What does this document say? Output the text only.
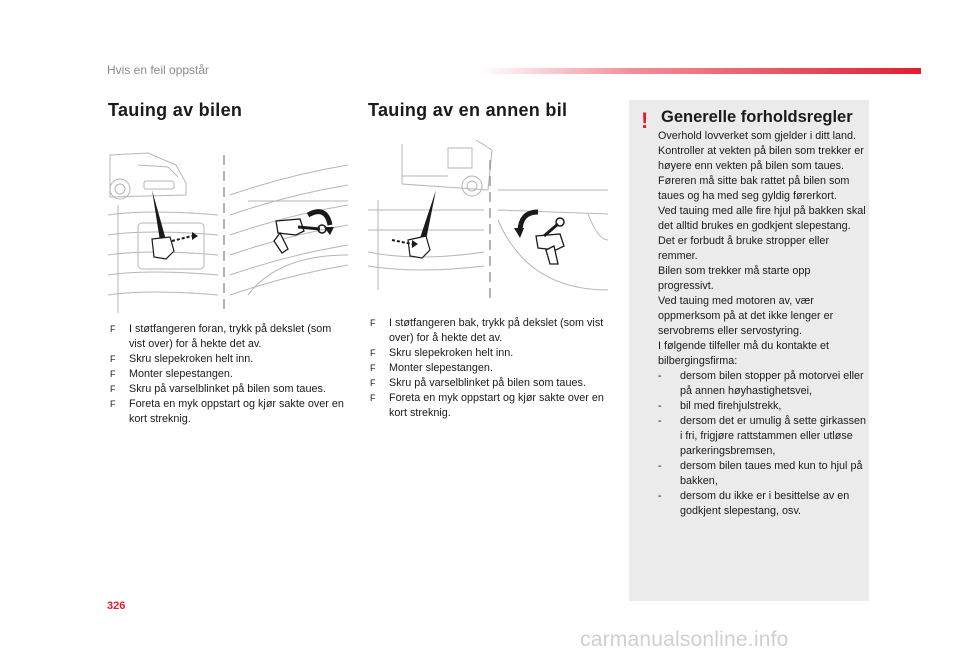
Hvis en feil oppstår
Tauing av bilen
F I støtfangeren foran, trykk på dekslet (som vist over) for å hekte det av.
F Skru slepekroken helt inn.
F Monter slepestangen.
F Skru på varselblinket på bilen som taues.
F Foreta en myk oppstart og kjør sakte over en kort streknig.
Tauing av en annen bil
F I støtfangeren bak, trykk på dekslet (som vist over) for å hekte det av.
F Skru slepekroken helt inn.
F Monter slepestangen.
F Skru på varselblinket på bilen som taues.
F Foreta en myk oppstart og kjør sakte over en kort streknig.
! Generelle forholdsregler

Overhold lovverket som gjelder i ditt land.

Kontroller at vekten på bilen som trekker er høyere enn vekten på bilen som taues.

Føreren må sitte bak rattet på bilen som taues og ha med seg gyldig førerkort.

Ved tauing med alle fire hjul på bakken skal det alltid brukes en godkjent slepestang. Det er forbudt å bruke stropper eller remmer.

Bilen som trekker må starte opp progressivt.

Ved tauing med motoren av, vær oppmerksom på at det ikke lenger er servobrems eller servostyring.

I følgende tilfeller må du kontakte et bilbergingsfirma:

- dersom bilen stopper på motorvei eller på annen høyhastighetsvei,
- bil med firehjulstrekk,
- dersom det er umulig å sette girkassen i fri, frigjøre rattstammen eller utløse parkeringsbremsen,
- dersom bilen taues med kun to hjul på bakken,
- dersom du ikke er i besittelse av en godkjent slepestang, osv.
326
carmanualsonline.info
